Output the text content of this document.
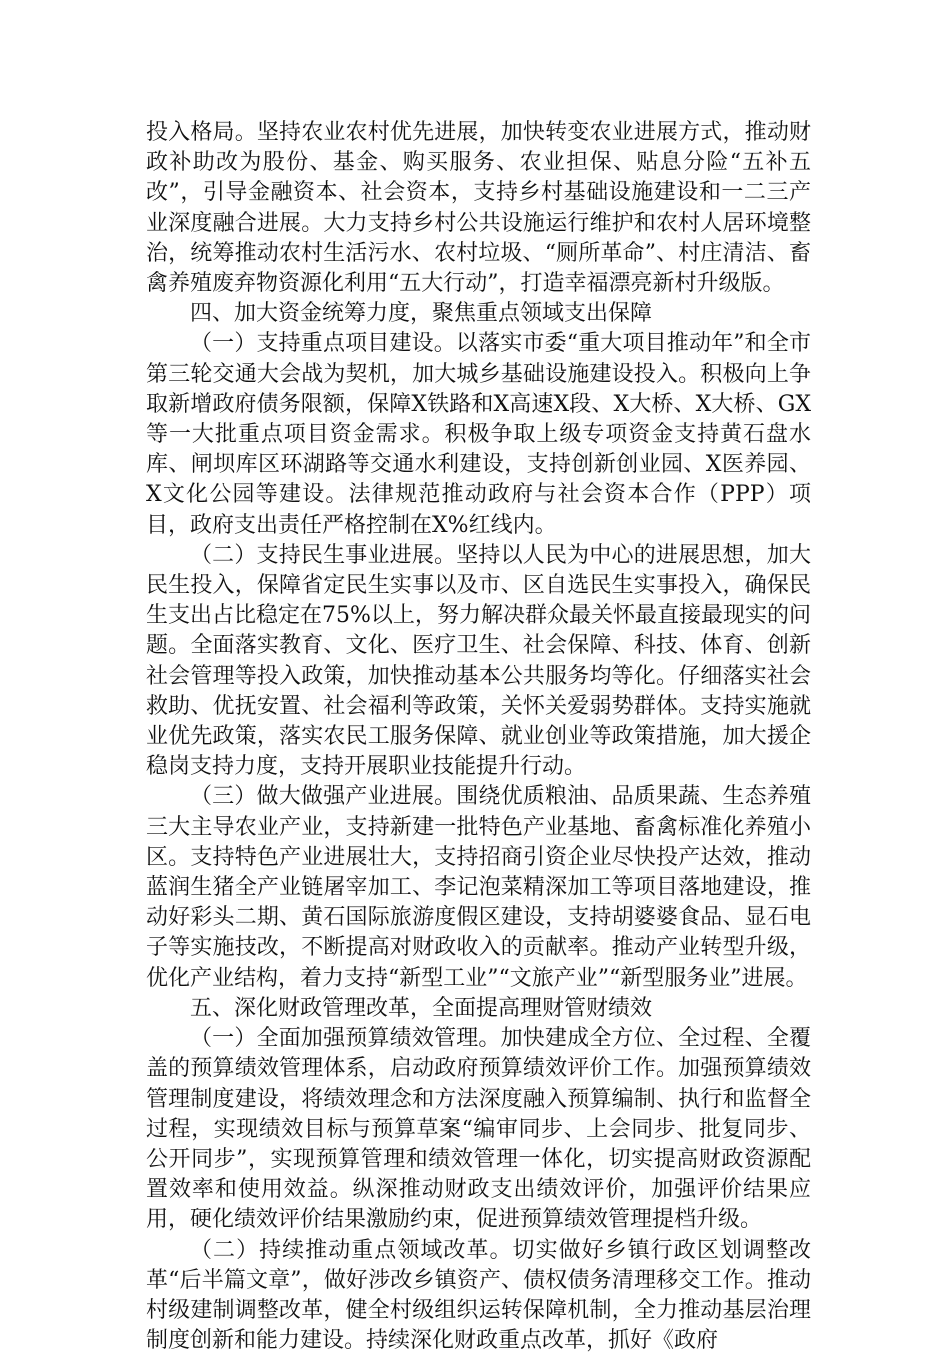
投入格局。坚持农业农村优先进展，加快转变农业进展方式，推动财政补助改为股份、基金、购买服务、农业担保、贴息分险“五补五改”，引导金融资本、社会资本，支持乡村基础设施建设和一二三产业深度融合进展。大力支持乡村公共设施运行维护和农村人居环境整治，统筹推动农村生活污水、农村垃圾、“厕所革命”、村庄清洁、畜禽养殖废弃物资源化利用“五大行动”，打造幸福漂亮新村升级版。

四、加大资金统筹力度，聚焦重点领域支出保障

（一）支持重点项目建设。以落实市委“重大项目推动年”和全市第三轮交通大会战为契机，加大城乡基础设施建设投入。积极向上争取新增政府债务限额，保障X铁路和X高速X段、X大桥、X大桥、GX等一大批重点项目资金需求。积极争取上级专项资金支持黄石盘水库、闸坝库区环湖路等交通水利建设，支持创新创业园、X医养园、X文化公园等建设。法律规范推动政府与社会资本合作（PPP）项目，政府支出责任严格控制在X%红线内。

（二）支持民生事业进展。坚持以人民为中心的进展思想，加大民生投入，保障省定民生实事以及市、区自选民生实事投入，确保民生支出占比稳定在75%以上，努力解决群众最关怀最直接最现实的问题。全面落实教育、文化、医疗卫生、社会保障、科技、体育、创新社会管理等投入政策，加快推动基本公共服务均等化。仔细落实社会救助、优抚安置、社会福利等政策，关怀关爱弱势群体。支持实施就业优先政策，落实农民工服务保障、就业创业等政策措施，加大援企稳岗支持力度，支持开展职业技能提升行动。

（三）做大做强产业进展。围绕优质粮油、品质果蔬、生态养殖三大主导农业产业，支持新建一批特色产业基地、畜禽标准化养殖小区。支持特色产业进展壮大，支持招商引资企业尽快投产达效，推动蓝润生猪全产业链屠宰加工、李记泡菜精深加工等项目落地建设，推动好彩头二期、黄石国际旅游度假区建设，支持胡婆婆食品、显石电子等实施技改，不断提高对财政收入的贡献率。推动产业转型升级，优化产业结构，着力支持“新型工业”“文旅产业”“新型服务业”进展。

五、深化财政管理改革，全面提高理财管财绩效

（一）全面加强预算绩效管理。加快建成全方位、全过程、全覆盖的预算绩效管理体系，启动政府预算绩效评价工作。加强预算绩效管理制度建设，将绩效理念和方法深度融入预算编制、执行和监督全过程，实现绩效目标与预算草案“编审同步、上会同步、批复同步、公开同步”，实现预算管理和绩效管理一体化，切实提高财政资源配置效率和使用效益。纵深推动财政支出绩效评价，加强评价结果应用，硬化绩效评价结果激励约束，促进预算绩效管理提档升级。

（二）持续推动重点领域改革。切实做好乡镇行政区划调整改革“后半篇文章”，做好涉改乡镇资产、债权债务清理移交工作。推动村级建制调整改革，健全村级组织运转保障机制，全力推动基层治理制度创新和能力建设。持续深化财政重点改革，抓好《政府
